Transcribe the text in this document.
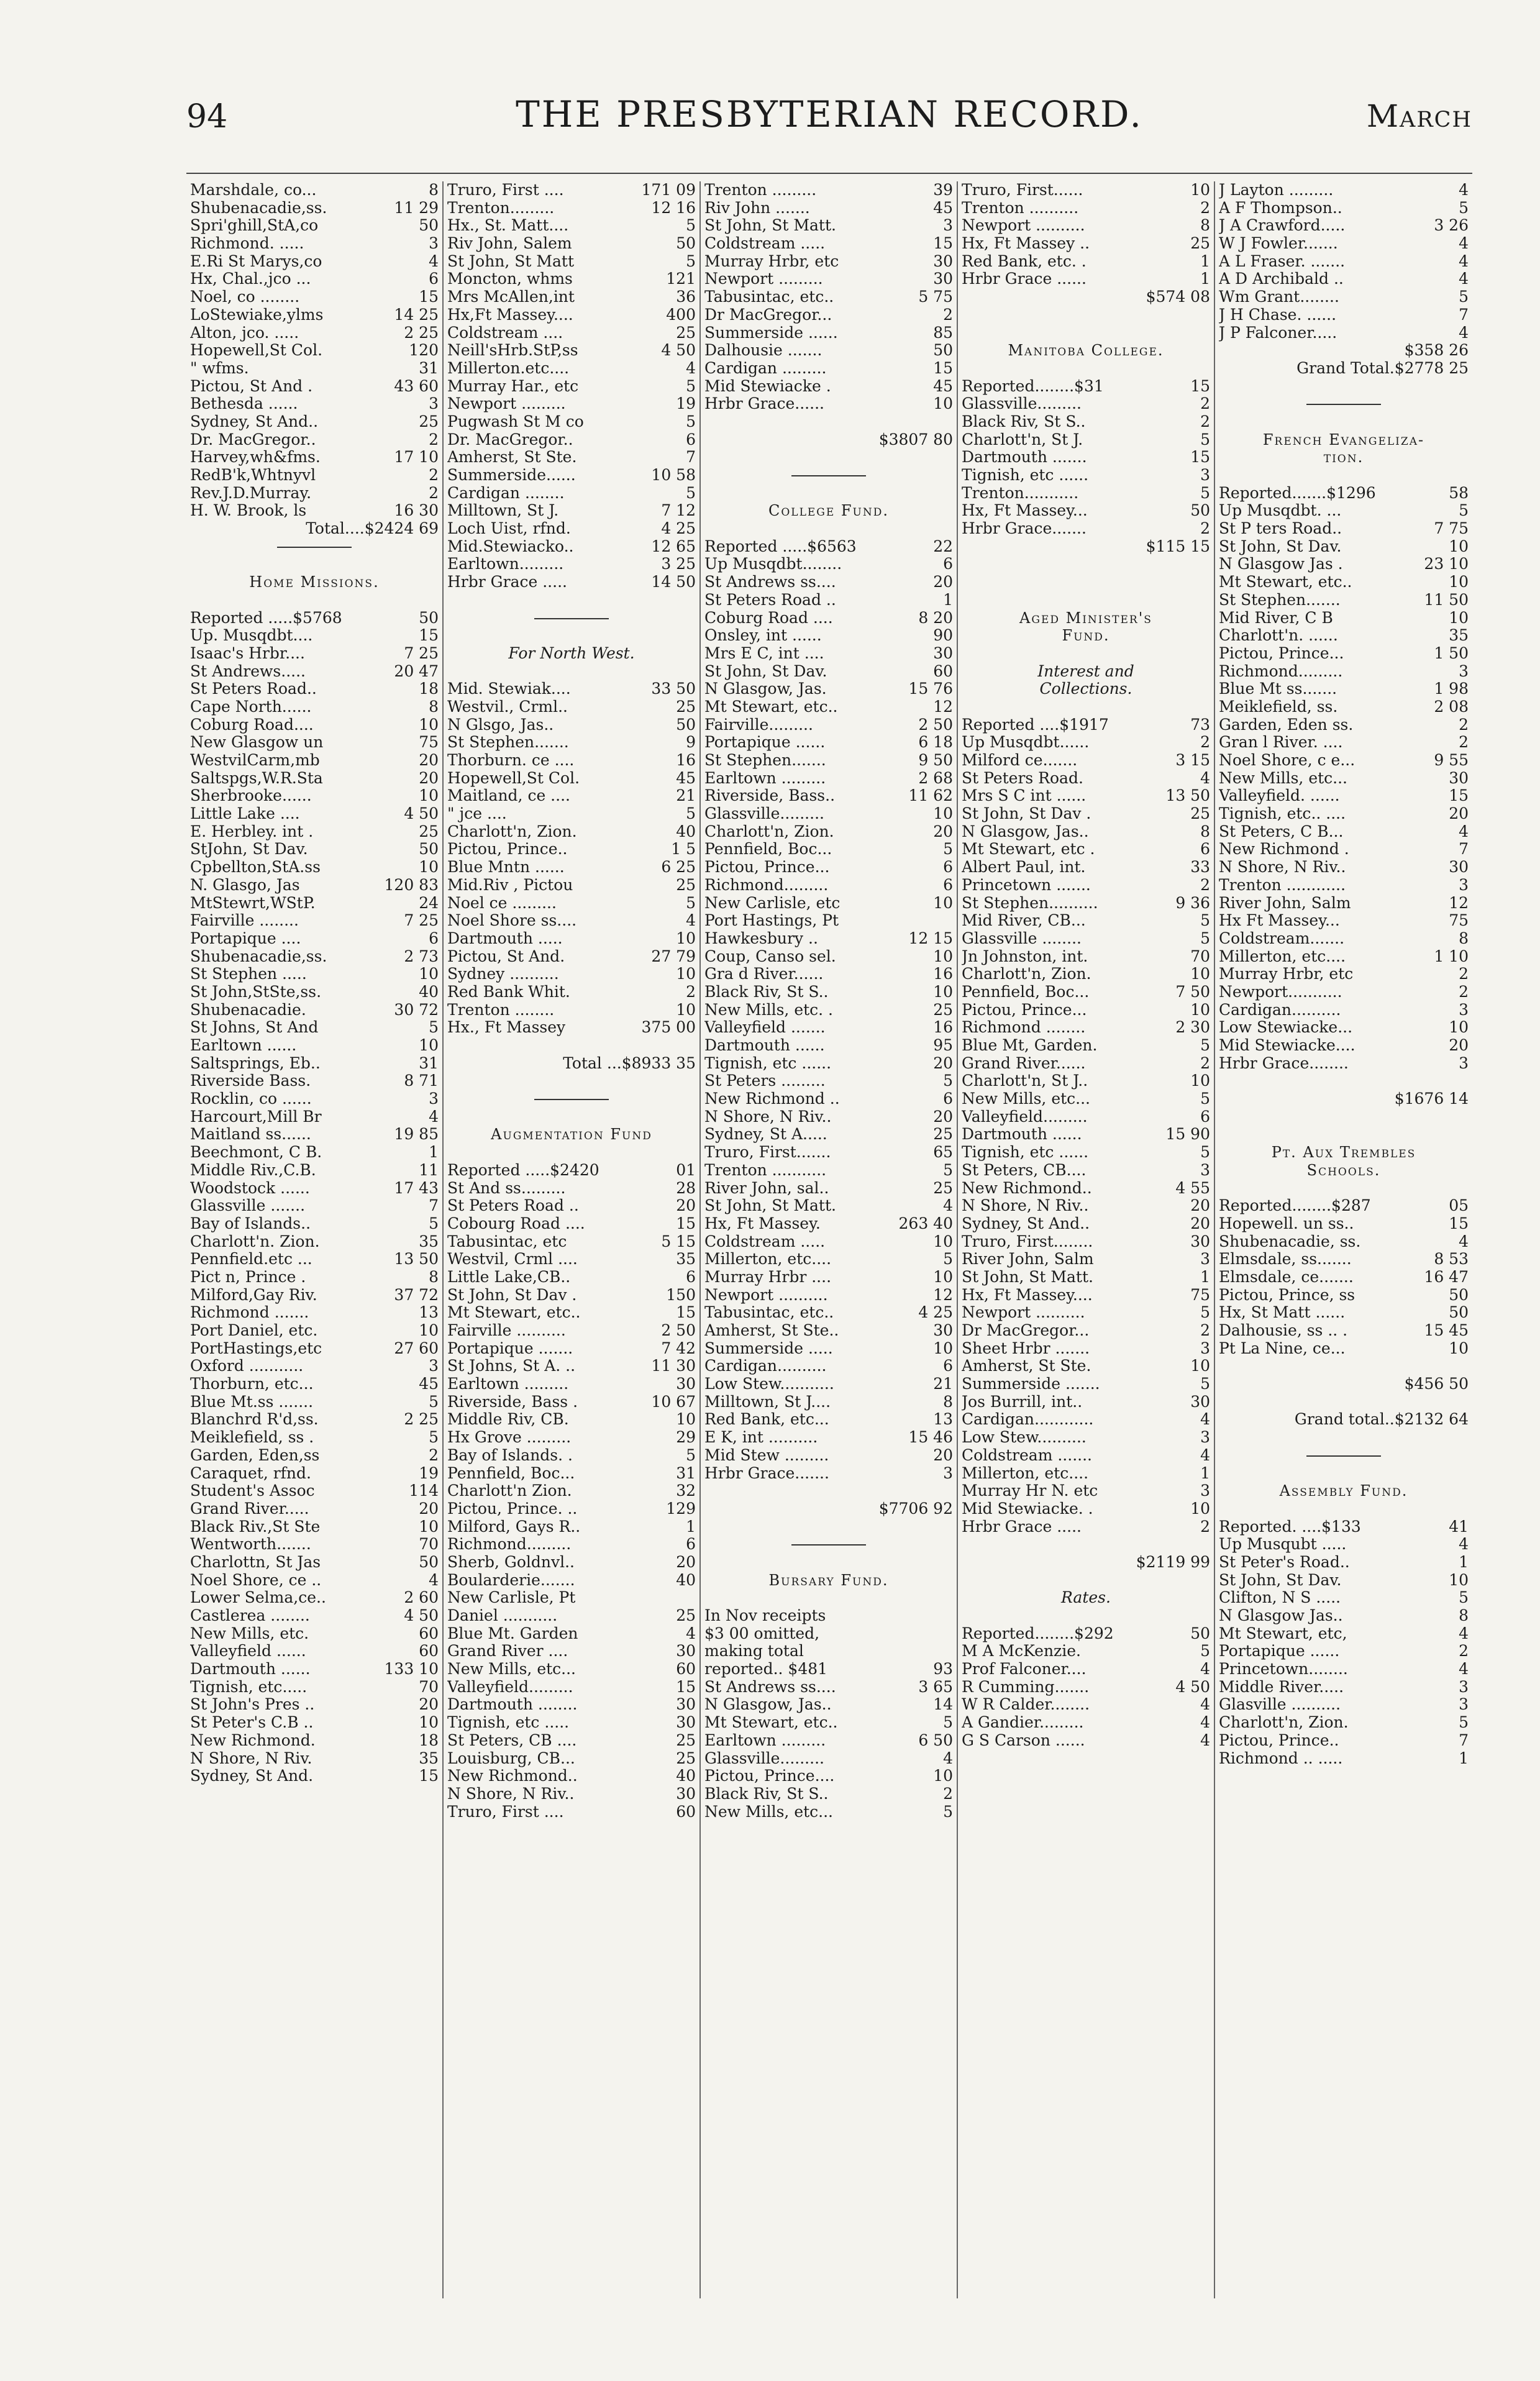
94	THE PRESBYTERIAN RECORD.	March
Marshdale, co...	8
Shubenacadie,ss.	11 29
Spri'ghill,StA,co	50
Richmond. .....	3
E.Ri St Marys,co	4
Hx, Chal.,jco ...	6
Noel, co ........	15
LoStewiake,ylms	14 25
Alton, jco. .....	2 25
Hopewell,St Col.	120
" wfms.	31
Pictou, St And .	43 60
Bethesda ......	3
Sydney, St And..	25
Dr. MacGregor..	2
Harvey,wh&fms.	17 10
RedB'k,Whtnyvl	2
Rev.J.D.Murray.	2
H. W. Brook, ls	16 30
Total....$2424 69
Home Missions.
Reported .....$5768	50
Up. Musqdbt....	15
Isaac's Hrbr....	7 25
St Andrews.....	20 47
St Peters Road..	18
Cape North......	8
Coburg Road....	10
New Glasgow un	75
WestvilCarm,mb	20
Saltspgs,W.R.Sta	20
Sherbrooke......	10
Little Lake ....	4 50
E. Herbley. int .	25
StJohn, St Dav.	50
Cpbellton,StA.ss	10
N. Glasgo, Jas	120 83
MtStewrt,WStP.	24
Fairville ........	7 25
Portapique ....	6
Shubenacadie,ss.	2 73
St Stephen .....	10
St John,StSte,ss.	40
Shubenacadie.	30 72
St Johns, St And	5
Earltown ......	10
Saltsprings, Eb..	31
Riverside Bass.	8 71
Rocklin, co ......	3
Harcourt,Mill Br	4
Maitland ss......	19 85
Beechmont, C B.	1
Middle Riv.,C.B.	11
Woodstock ......	17 43
Glassville .......	7
Bay of Islands..	5
Charlott'n. Zion.	35
Pennfield.etc ...	13 50
Pict n, Prince .	8
Milford,Gay Riv.	37 72
Richmond .......	13
Port Daniel, etc.	10
PortHastings,etc	27 60
Oxford ...........	3
Thorburn, etc...	45
Blue Mt.ss .......	5
Blanchrd R'd,ss.	2 25
Meiklefield, ss .	5
Garden, Eden,ss	2
Caraquet, rfnd.	19
Student's Assoc	114
Grand River.....	20
Black Riv.,St Ste	10
Wentworth.......	70
Charlottn, St Jas	50
Noel Shore, ce ..	4
Lower Selma,ce..	2 60
Castlerea ........	4 50
New Mills, etc.	60
Valleyfield ......	60
Dartmouth ......	133 10
Tignish, etc.....	70
St John's Pres ..	20
St Peter's C.B ..	10
New Richmond.	18
N Shore, N Riv.	35
Sydney, St And.	15
Truro, First ....	171 09
Trenton.........	12 16
Hx., St. Matt....	5
Riv John, Salem	50
St John, St Matt	5
Moncton, whms	121
Mrs McAllen,int	36
Hx,Ft Massey....	400
Coldstream ....	25
Neill'sHrb.StP,ss	4 50
Millerton.etc....	4
Murray Har., etc	5
Newport .........	19
Pugwash St M co	5
Dr. MacGregor..	6
Amherst, St Ste.	7
Summerside......	10 58
Cardigan ........	5
Milltown, St J.	7 12
Loch Uist, rfnd.	4 25
Mid.Stewiacko..	12 65
Earltown.........	3 25
Hrbr Grace .....	14 50
For North West.
Mid. Stewiak....	33 50
Westvil., Crml..	25
N Glsgo, Jas..	50
St Stephen.......	9
Thorburn. ce ....	16
Hopewell,St Col.	45
Maitland, ce ....	21
" jce ....	5
Charlott'n, Zion.	40
Pictou, Prince..	1 5
Blue Mntn ......	6 25
Mid.Riv , Pictou	25
Noel ce .........	5
Noel Shore ss....	4
Dartmouth .....	10
Pictou, St And.	27 79
Sydney ..........	10
Red Bank Whit.	2
Trenton ........	10
Hx., Ft Massey	375 00
Total ...$8933 35
Augmentation Fund
Reported .....$2420	01
St And ss.........	28
St Peters Road ..	20
Cobourg Road ....	15
Tabusintac, etc	5 15
Westvil, Crml ....	35
Little Lake,CB..	6
St John, St Dav .	150
Mt Stewart, etc..	15
Fairville ..........	2 50
Portapique .......	7 42
St Johns, St A. ..	11 30
Earltown .........	30
Riverside, Bass .	10 67
Middle Riv, CB.	10
Hx Grove .........	29
Bay of Islands. .	5
Pennfield, Boc...	31
Charlott'n Zion.	32
Pictou, Prince. ..	129
Milford, Gays R..	1
Richmond.........	6
Sherb, Goldnvl..	20
Boularderie.......	40
New Carlisle, Pt
Daniel ...........	25
Blue Mt. Garden	4
Grand River ....	30
New Mills, etc...	60
Valleyfield.........	15
Dartmouth ........	30
Tignish, etc .....	30
St Peters, CB ....	25
Louisburg, CB...	25
New Richmond..	40
N Shore, N Riv..	30
Truro, First ....	60
Trenton .........	39
Riv John .......	45
St John, St Matt.	3
Coldstream .....	15
Murray Hrbr, etc	30
Newport .........	30
Tabusintac, etc..	5 75
Dr MacGregor...	2
Summerside ......	85
Dalhousie .......	50
Cardigan .........	15
Mid Stewiacke .	45
Hrbr Grace......	10
$3807 80
College Fund.
Reported .....$6563	22
Up Musqdbt........	6
St Andrews ss....	20
St Peters Road ..	1
Coburg Road ....	8 20
Onsley, int ......	90
Mrs E C, int ....	30
St John, St Dav.	60
N Glasgow, Jas.	15 76
Mt Stewart, etc..	12
Fairville.........	2 50
Portapique ......	6 18
St Stephen.......	9 50
Earltown .........	2 68
Riverside, Bass..	11 62
Glassville.........	10
Charlott'n, Zion.	20
Pennfield, Boc...	5
Pictou, Prince...	6
Richmond.........	6
New Carlisle, etc	10
Port Hastings, Pt
Hawkesbury ..	12 15
Coup, Canso sel.	10
Gra d River......	16
Black Riv, St S..	10
New Mills, etc. .	25
Valleyfield .......	16
Dartmouth ......	95
Tignish, etc ......	20
St Peters .........	5
New Richmond ..	6
N Shore, N Riv..	20
Sydney, St A.....	25
Truro, First.......	65
Trenton ...........	5
River John, sal..	25
St John, St Matt.	4
Hx, Ft Massey.	263 40
Coldstream .....	10
Millerton, etc....	5
Murray Hrbr ....	10
Newport ..........	12
Tabusintac, etc..	4 25
Amherst, St Ste..	30
Summerside .....	10
Cardigan..........	6
Low Stew...........	21
Milltown, St J....	8
Red Bank, etc...	13
E K, int ..........	15 46
Mid Stew .........	20
Hrbr Grace.......	3
$7706 92
Bursary Fund.
In Nov receipts
$3 00 omitted,
making total
reported.. $481	93
St Andrews ss....	3 65
N Glasgow, Jas..	14
Mt Stewart, etc..	5
Earltown .........	6 50
Glassville.........	4
Pictou, Prince....	10
Black Riv, St S..	2
New Mills, etc...	5
Truro, First......	10
Trenton ..........	2
Newport ..........	8
Hx, Ft Massey ..	25
Red Bank, etc. .	1
Hrbr Grace ......	1
$574 08
Manitoba College.
Reported........$31	15
Glassville.........	2
Black Riv, St S..	2
Charlott'n, St J.	5
Dartmouth .......	15
Tignish, etc ......	3
Trenton...........	5
Hx, Ft Massey...	50
Hrbr Grace.......	2
$115 15
Aged Minister's
Fund.
Interest and
Collections.
Reported ....$1917	73
Up Musqdbt......	2
Milford ce.......	3 15
St Peters Road.	4
Mrs S C int ......	13 50
St John, St Dav .	25
N Glasgow, Jas..	8
Mt Stewart, etc .	6
Albert Paul, int.	33
Princetown .......	2
St Stephen..........	9 36
Mid River, CB...	5
Glassville ........	5
Jn Johnston, int.	70
Charlott'n, Zion.	10
Pennfield, Boc...	7 50
Pictou, Prince...	10
Richmond ........	2 30
Blue Mt, Garden.	5
Grand River......	2
Charlott'n, St J..	10
New Mills, etc...	5
Valleyfield.........	6
Dartmouth ......	15 90
Tignish, etc ......	5
St Peters, CB....	3
New Richmond..	4 55
N Shore, N Riv..	20
Sydney, St And..	20
Truro, First........	30
River John, Salm	3
St John, St Matt.	1
Hx, Ft Massey....	75
Newport ..........	5
Dr MacGregor...	2
Sheet Hrbr .......	3
Amherst, St Ste.	10
Summerside .......	5
Jos Burrill, int..	30
Cardigan............	4
Low Stew..........	3
Coldstream .......	4
Millerton, etc....	1
Murray Hr N. etc	3
Mid Stewiacke. .	10
Hrbr Grace .....	2
$2119 99
Rates.
Reported........$292	50
M A McKenzie.	5
Prof Falconer....	4
R Cumming.......	4 50
W R Calder........	4
A Gandier.........	4
G S Carson ......	4
J Layton .........	4
A F Thompson..	5
J A Crawford.....	3 26
W J Fowler.......	4
A L Fraser. .......	4
A D Archibald ..	4
Wm Grant........	5
J H Chase. ......	7
J P Falconer.....	4
$358 26
Grand Total.$2778 25
French Evangeliza-
tion.
Reported.......$1296	58
Up Musqdbt. ...	5
St P ters Road..	7 75
St John, St Dav.	10
N Glasgow Jas .	23 10
Mt Stewart, etc..	10
St Stephen.......	11 50
Mid River, C B	10
Charlott'n. ......	35
Pictou, Prince...	1 50
Richmond.........	3
Blue Mt ss.......	1 98
Meiklefield, ss.	2 08
Garden, Eden ss.	2
Gran l River. ....	2
Noel Shore, c e...	9 55
New Mills, etc...	30
Valleyfield. ......	15
Tignish, etc.. ....	20
St Peters, C B...	4
New Richmond .	7
N Shore, N Riv..	30
Trenton ............	3
River John, Salm	12
Hx Ft Massey...	75
Coldstream.......	8
Millerton, etc....	1 10
Murray Hrbr, etc	2
Newport...........	2
Cardigan..........	3
Low Stewiacke...	10
Mid Stewiacke....	20
Hrbr Grace........	3
$1676 14
Pt. Aux Trembles
Schools.
Reported........$287	05
Hopewell. un ss..	15
Shubenacadie, ss.	4
Elmsdale, ss.......	8 53
Elmsdale, ce.......	16 47
Pictou, Prince, ss	50
Hx, St Matt ......	50
Dalhousie, ss .. .	15 45
Pt La Nine, ce...	10
$456 50
Grand total..$2132 64
Assembly Fund.
Reported. ....$133	41
Up Musqubt .....	4
St Peter's Road..	1
St John, St Dav.	10
Clifton, N S .....	5
N Glasgow Jas..	8
Mt Stewart, etc,	4
Portapique ......	2
Princetown........	4
Middle River.....	3
Glasville ..........	3
Charlott'n, Zion.	5
Pictou, Prince..	7
Richmond .. .....	1
